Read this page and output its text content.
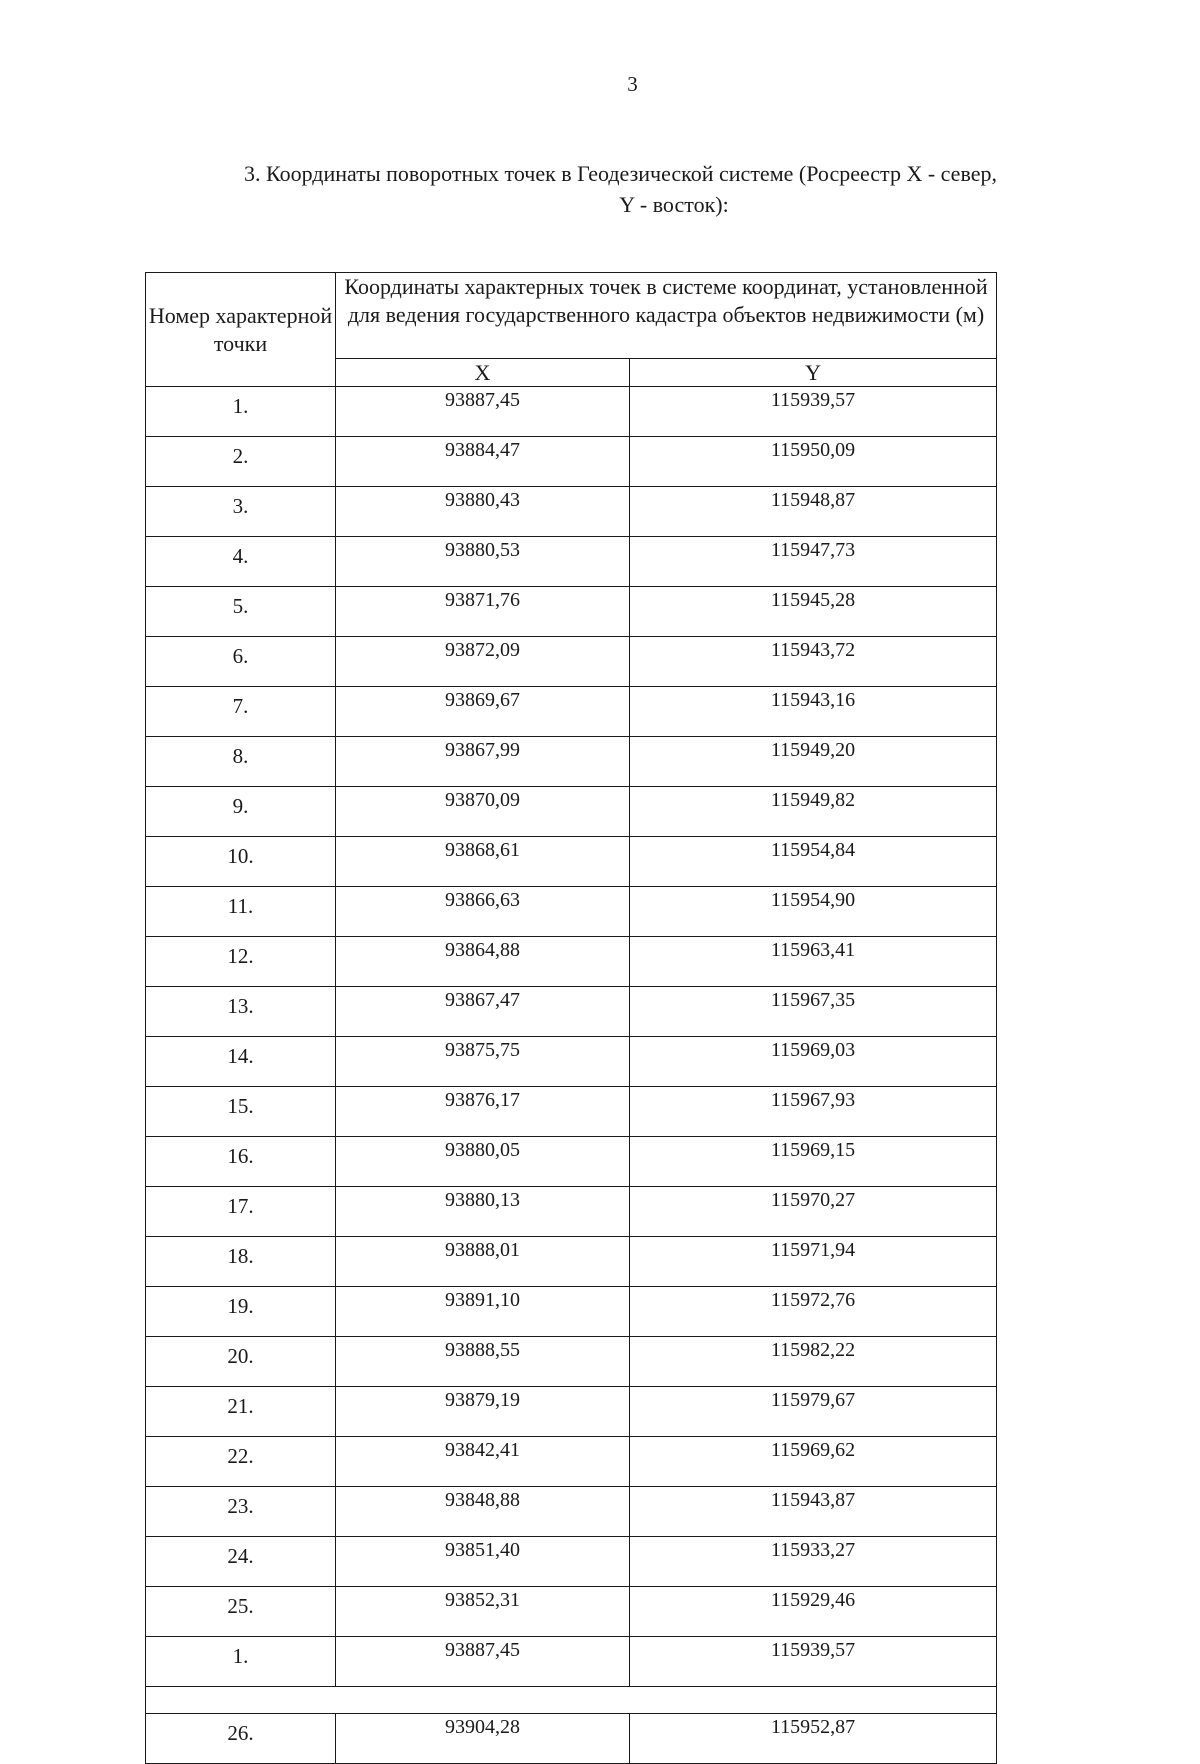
3
3. Координаты поворотных точек в Геодезической системе (Росреестр X - север,
Y - восток):
Номер характерной точки	Координаты характерных точек в системе координат, установленной для ведения государственного кадастра объектов недвижимости (м)	
	X	Y
1.	93887,45	115939,57
2.	93884,47	115950,09
3.	93880,43	115948,87
4.	93880,53	115947,73
5.	93871,76	115945,28
6.	93872,09	115943,72
7.	93869,67	115943,16
8.	93867,99	115949,20
9.	93870,09	115949,82
10.	93868,61	115954,84
11.	93866,63	115954,90
12.	93864,88	115963,41
13.	93867,47	115967,35
14.	93875,75	115969,03
15.	93876,17	115967,93
16.	93880,05	115969,15
17.	93880,13	115970,27
18.	93888,01	115971,94
19.	93891,10	115972,76
20.	93888,55	115982,22
21.	93879,19	115979,67
22.	93842,41	115969,62
23.	93848,88	115943,87
24.	93851,40	115933,27
25.	93852,31	115929,46
1.	93887,45	115939,57

26.	93904,28	115952,87
